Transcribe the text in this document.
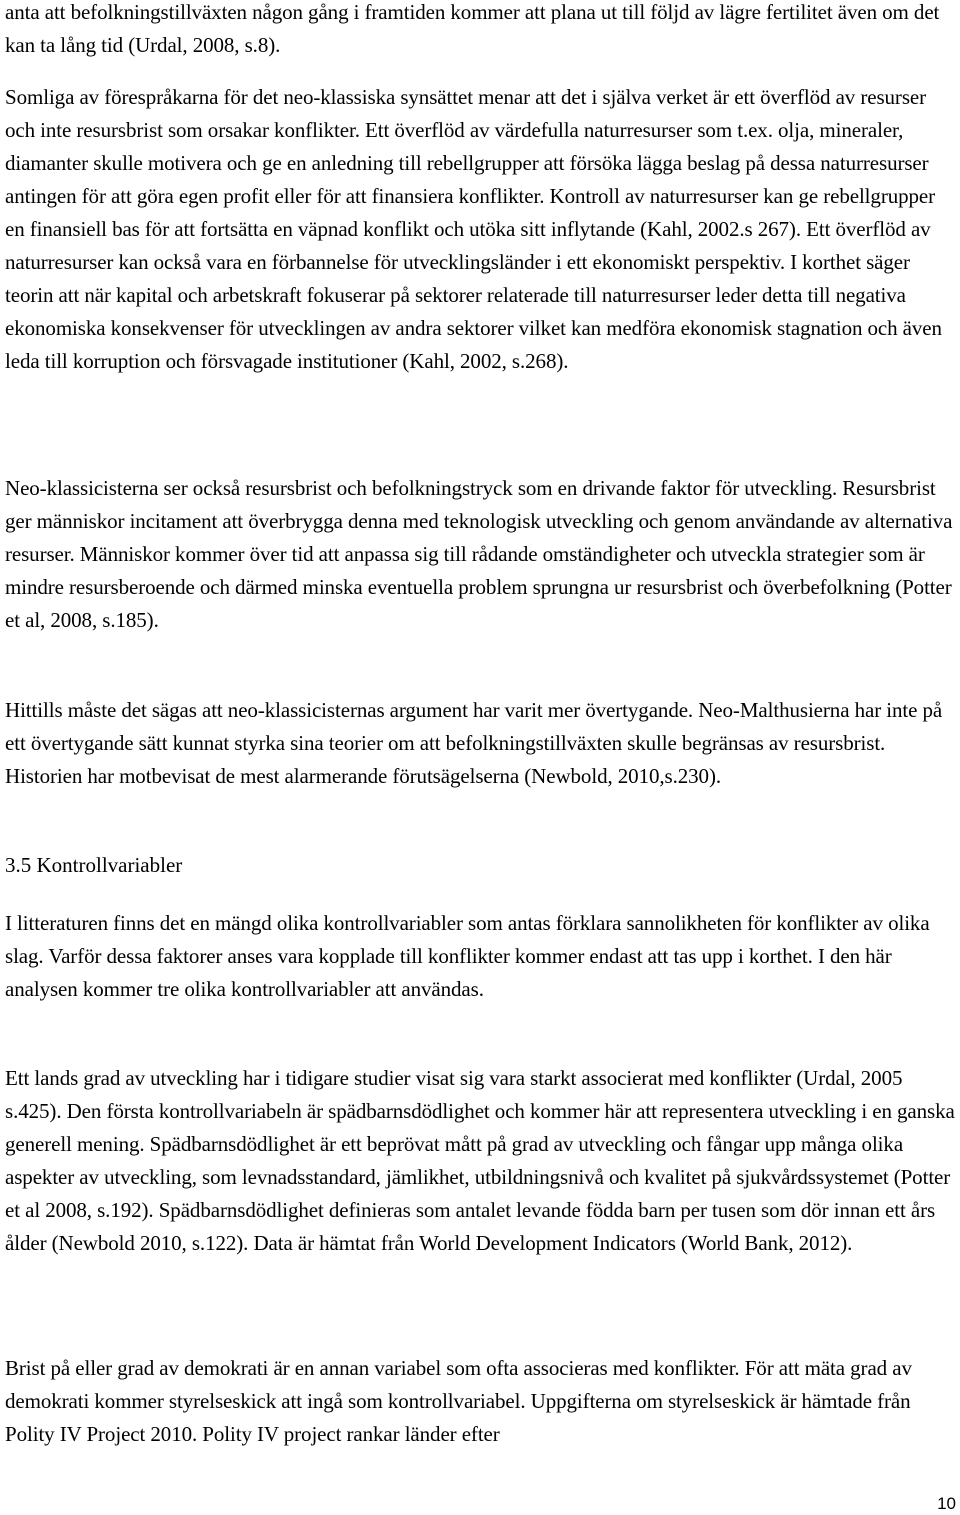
anta att befolkningstillväxten någon gång i framtiden kommer att plana ut till följd av lägre fertilitet även om det kan ta lång tid (Urdal, 2008, s.8).

Somliga av förespråkarna för det neo-klassiska synsättet menar att det i själva verket är ett överflöd av resurser och inte resursbrist som orsakar konflikter. Ett överflöd av värdefulla naturresurser som t.ex. olja, mineraler, diamanter skulle motivera och ge en anledning till rebellgrupper att försöka lägga beslag på dessa naturresurser antingen för att göra egen profit eller för att finansiera konflikter. Kontroll av naturresurser kan ge rebellgrupper en finansiell bas för att fortsätta en väpnad konflikt och utöka sitt inflytande (Kahl, 2002.s 267). Ett överflöd av naturresurser kan också vara en förbannelse för utvecklingsländer i ett ekonomiskt perspektiv. I korthet säger teorin att när kapital och arbetskraft fokuserar på sektorer relaterade till naturresurser leder detta till negativa ekonomiska konsekvenser för utvecklingen av andra sektorer vilket kan medföra ekonomisk stagnation och även leda till korruption och försvagade institutioner (Kahl, 2002, s.268).

Neo-klassicisterna ser också resursbrist och befolkningstryck som en drivande faktor för utveckling. Resursbrist ger människor incitament att överbrygga denna med teknologisk utveckling och genom användande av alternativa resurser. Människor kommer över tid att anpassa sig till rådande omständigheter och utveckla strategier som är mindre resursberoende och därmed minska eventuella problem sprungna ur resursbrist och överbefolkning (Potter et al, 2008, s.185).

Hittills måste det sägas att neo-klassicisternas argument har varit mer övertygande. Neo-Malthusierna har inte på ett övertygande sätt kunnat styrka sina teorier om att befolkningstillväxten skulle begränsas av resursbrist. Historien har motbevisat de mest alarmerande förutsägelserna (Newbold, 2010,s.230).

3.5 Kontrollvariabler

I litteraturen finns det en mängd olika kontrollvariabler som antas förklara sannolikheten för konflikter av olika slag. Varför dessa faktorer anses vara kopplade till konflikter kommer endast att tas upp i korthet. I den här analysen kommer tre olika kontrollvariabler att användas.

Ett lands grad av utveckling har i tidigare studier visat sig vara starkt associerat med konflikter (Urdal, 2005 s.425). Den första kontrollvariabeln är spädbarnsdödlighet och kommer här att representera utveckling i en ganska generell mening. Spädbarnsdödlighet är ett beprövat mått på grad av utveckling och fångar upp många olika aspekter av utveckling, som levnadsstandard, jämlikhet, utbildningsnivå och kvalitet på sjukvårdssystemet (Potter et al 2008, s.192). Spädbarnsdödlighet definieras som antalet levande födda barn per tusen som dör innan ett års ålder (Newbold 2010, s.122). Data är hämtat från World Development Indicators (World Bank, 2012).

Brist på eller grad av demokrati är en annan variabel som ofta associeras med konflikter. För att mäta grad av demokrati kommer styrelseskick att ingå som kontrollvariabel. Uppgifterna om styrelseskick är hämtade från Polity IV Project 2010. Polity IV project rankar länder efter

10
